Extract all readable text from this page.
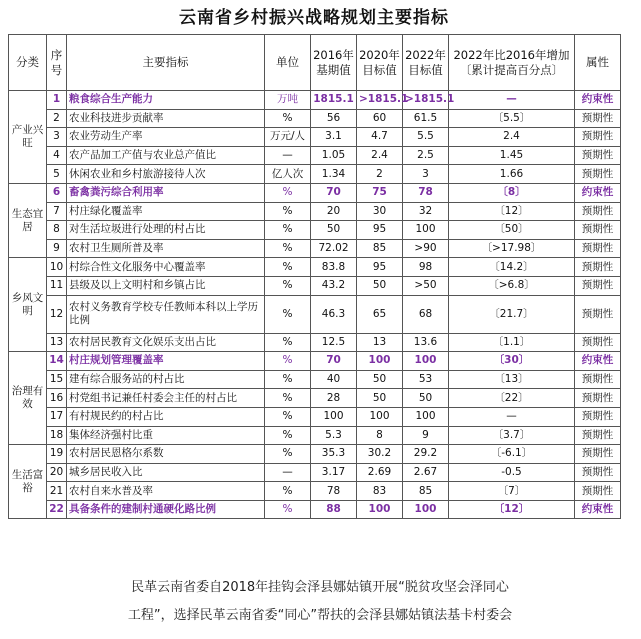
云南省乡村振兴战略规划主要指标
分类	序号	主要指标	单位	2016年基期值	2020年目标值	2022年目标值	2022年比2016年增加〔累计提高百分点〕	属性
产业兴旺	1	粮食综合生产能力	万吨	1815.1	>1815.1	>1815.1	—	约束性
	2	农业科技进步贡献率	%	56	60	61.5	〔5.5〕	预期性
	3	农业劳动生产率	万元/人	3.1	4.7	5.5	2.4	预期性
	4	农产品加工产值与农业总产值比	—	1.05	2.4	2.5	1.45	预期性
	5	休闲农业和乡村旅游接待人次	亿人次	1.34	2	3	1.66	预期性
生态宜居	6	畜禽粪污综合利用率	%	70	75	78	〔8〕	约束性
	7	村庄绿化覆盖率	%	20	30	32	〔12〕	预期性
	8	对生活垃圾进行处理的村占比	%	50	95	100	〔50〕	预期性
	9	农村卫生厕所普及率	%	72.02	85	>90	〔>17.98〕	预期性
乡风文明	10	村综合性文化服务中心覆盖率	%	83.8	95	98	〔14.2〕	预期性
	11	县级及以上文明村和乡镇占比	%	43.2	50	>50	〔>6.8〕	预期性
	12	农村义务教育学校专任教师本科以上学历比例	%	46.3	65	68	〔21.7〕	预期性
	13	农村居民教育文化娱乐支出占比	%	12.5	13	13.6	〔1.1〕	预期性
治理有效	14	村庄规划管理覆盖率	%	70	100	100	〔30〕	约束性
	15	建有综合服务站的村占比	%	40	50	53	〔13〕	预期性
	16	村党组书记兼任村委会主任的村占比	%	28	50	50	〔22〕	预期性
	17	有村规民约的村占比	%	100	100	100	—	预期性
	18	集体经济强村比重	%	5.3	8	9	〔3.7〕	预期性
生活富裕	19	农村居民恩格尔系数	%	35.3	30.2	29.2	〔-6.1〕	预期性
	20	城乡居民收入比	—	3.17	2.69	2.67	-0.5	预期性
	21	农村自来水普及率	%	78	83	85	〔7〕	预期性
	22	具备条件的建制村通硬化路比例	%	88	100	100	〔12〕	约束性
民革云南省委自2018年挂钩会泽县娜姑镇开展“脱贫攻坚会泽同心
工程”，选择民革云南省委“同心”帮扶的会泽县娜姑镇法基卡村委会
